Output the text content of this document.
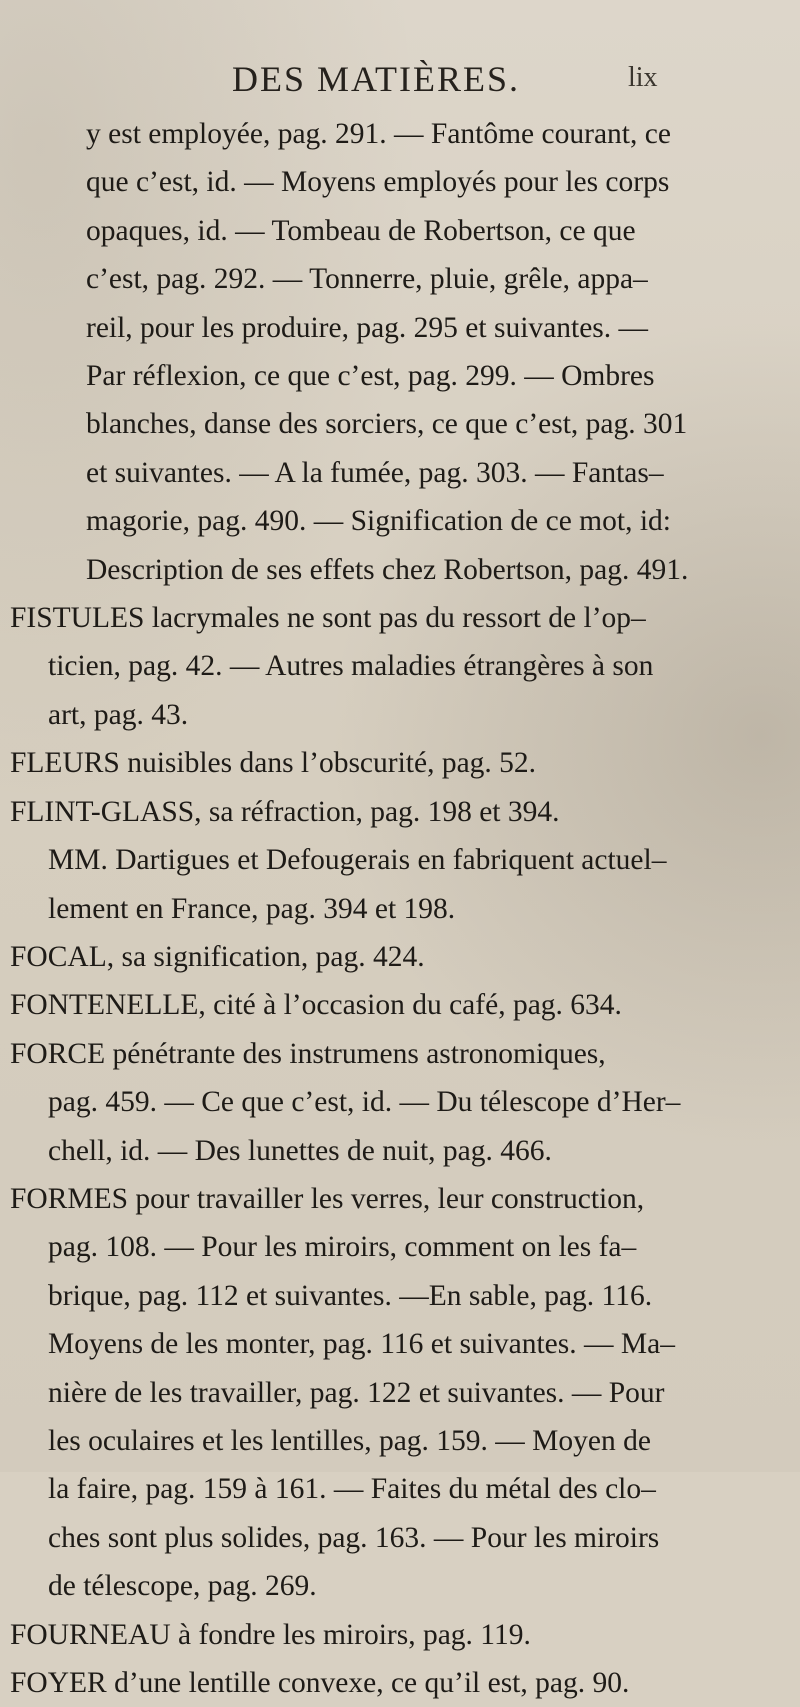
DES MATIÈRES.	lix
y est employée, pag. 291. — Fantôme courant, ce
que c’est, id. — Moyens employés pour les corps
opaques, id. — Tombeau de Robertson, ce que
c’est, pag. 292. — Tonnerre, pluie, grêle, appa–
reil, pour les produire, pag. 295 et suivantes. —
Par réflexion, ce que c’est, pag. 299. — Ombres
blanches, danse des sorciers, ce que c’est, pag. 301
et suivantes. — A la fumée, pag. 303. — Fantas–
magorie, pag. 490. — Signification de ce mot, id:
Description de ses effets chez Robertson, pag. 491.
FISTULES lacrymales ne sont pas du ressort de l’op–
ticien, pag. 42. — Autres maladies étrangères à son
art, pag. 43.
FLEURS nuisibles dans l’obscurité, pag. 52.
FLINT-GLASS, sa réfraction, pag. 198 et 394.
MM. Dartigues et Defougerais en fabriquent actuel–
lement en France, pag. 394 et 198.
FOCAL, sa signification, pag. 424.
FONTENELLE, cité à l’occasion du café, pag. 634.
FORCE pénétrante des instrumens astronomiques,
pag. 459. — Ce que c’est, id. — Du télescope d’Her–
chell, id. — Des lunettes de nuit, pag. 466.
FORMES pour travailler les verres, leur construction,
pag. 108. — Pour les miroirs, comment on les fa–
brique, pag. 112 et suivantes. —En sable, pag. 116.
Moyens de les monter, pag. 116 et suivantes. — Ma–
nière de les travailler, pag. 122 et suivantes. — Pour
les oculaires et les lentilles, pag. 159. — Moyen de
la faire, pag. 159 à 161. — Faites du métal des clo–
ches sont plus solides, pag. 163. — Pour les miroirs
de télescope, pag. 269.
FOURNEAU à fondre les miroirs, pag. 119.
FOYER d’une lentille convexe, ce qu’il est, pag. 90.
